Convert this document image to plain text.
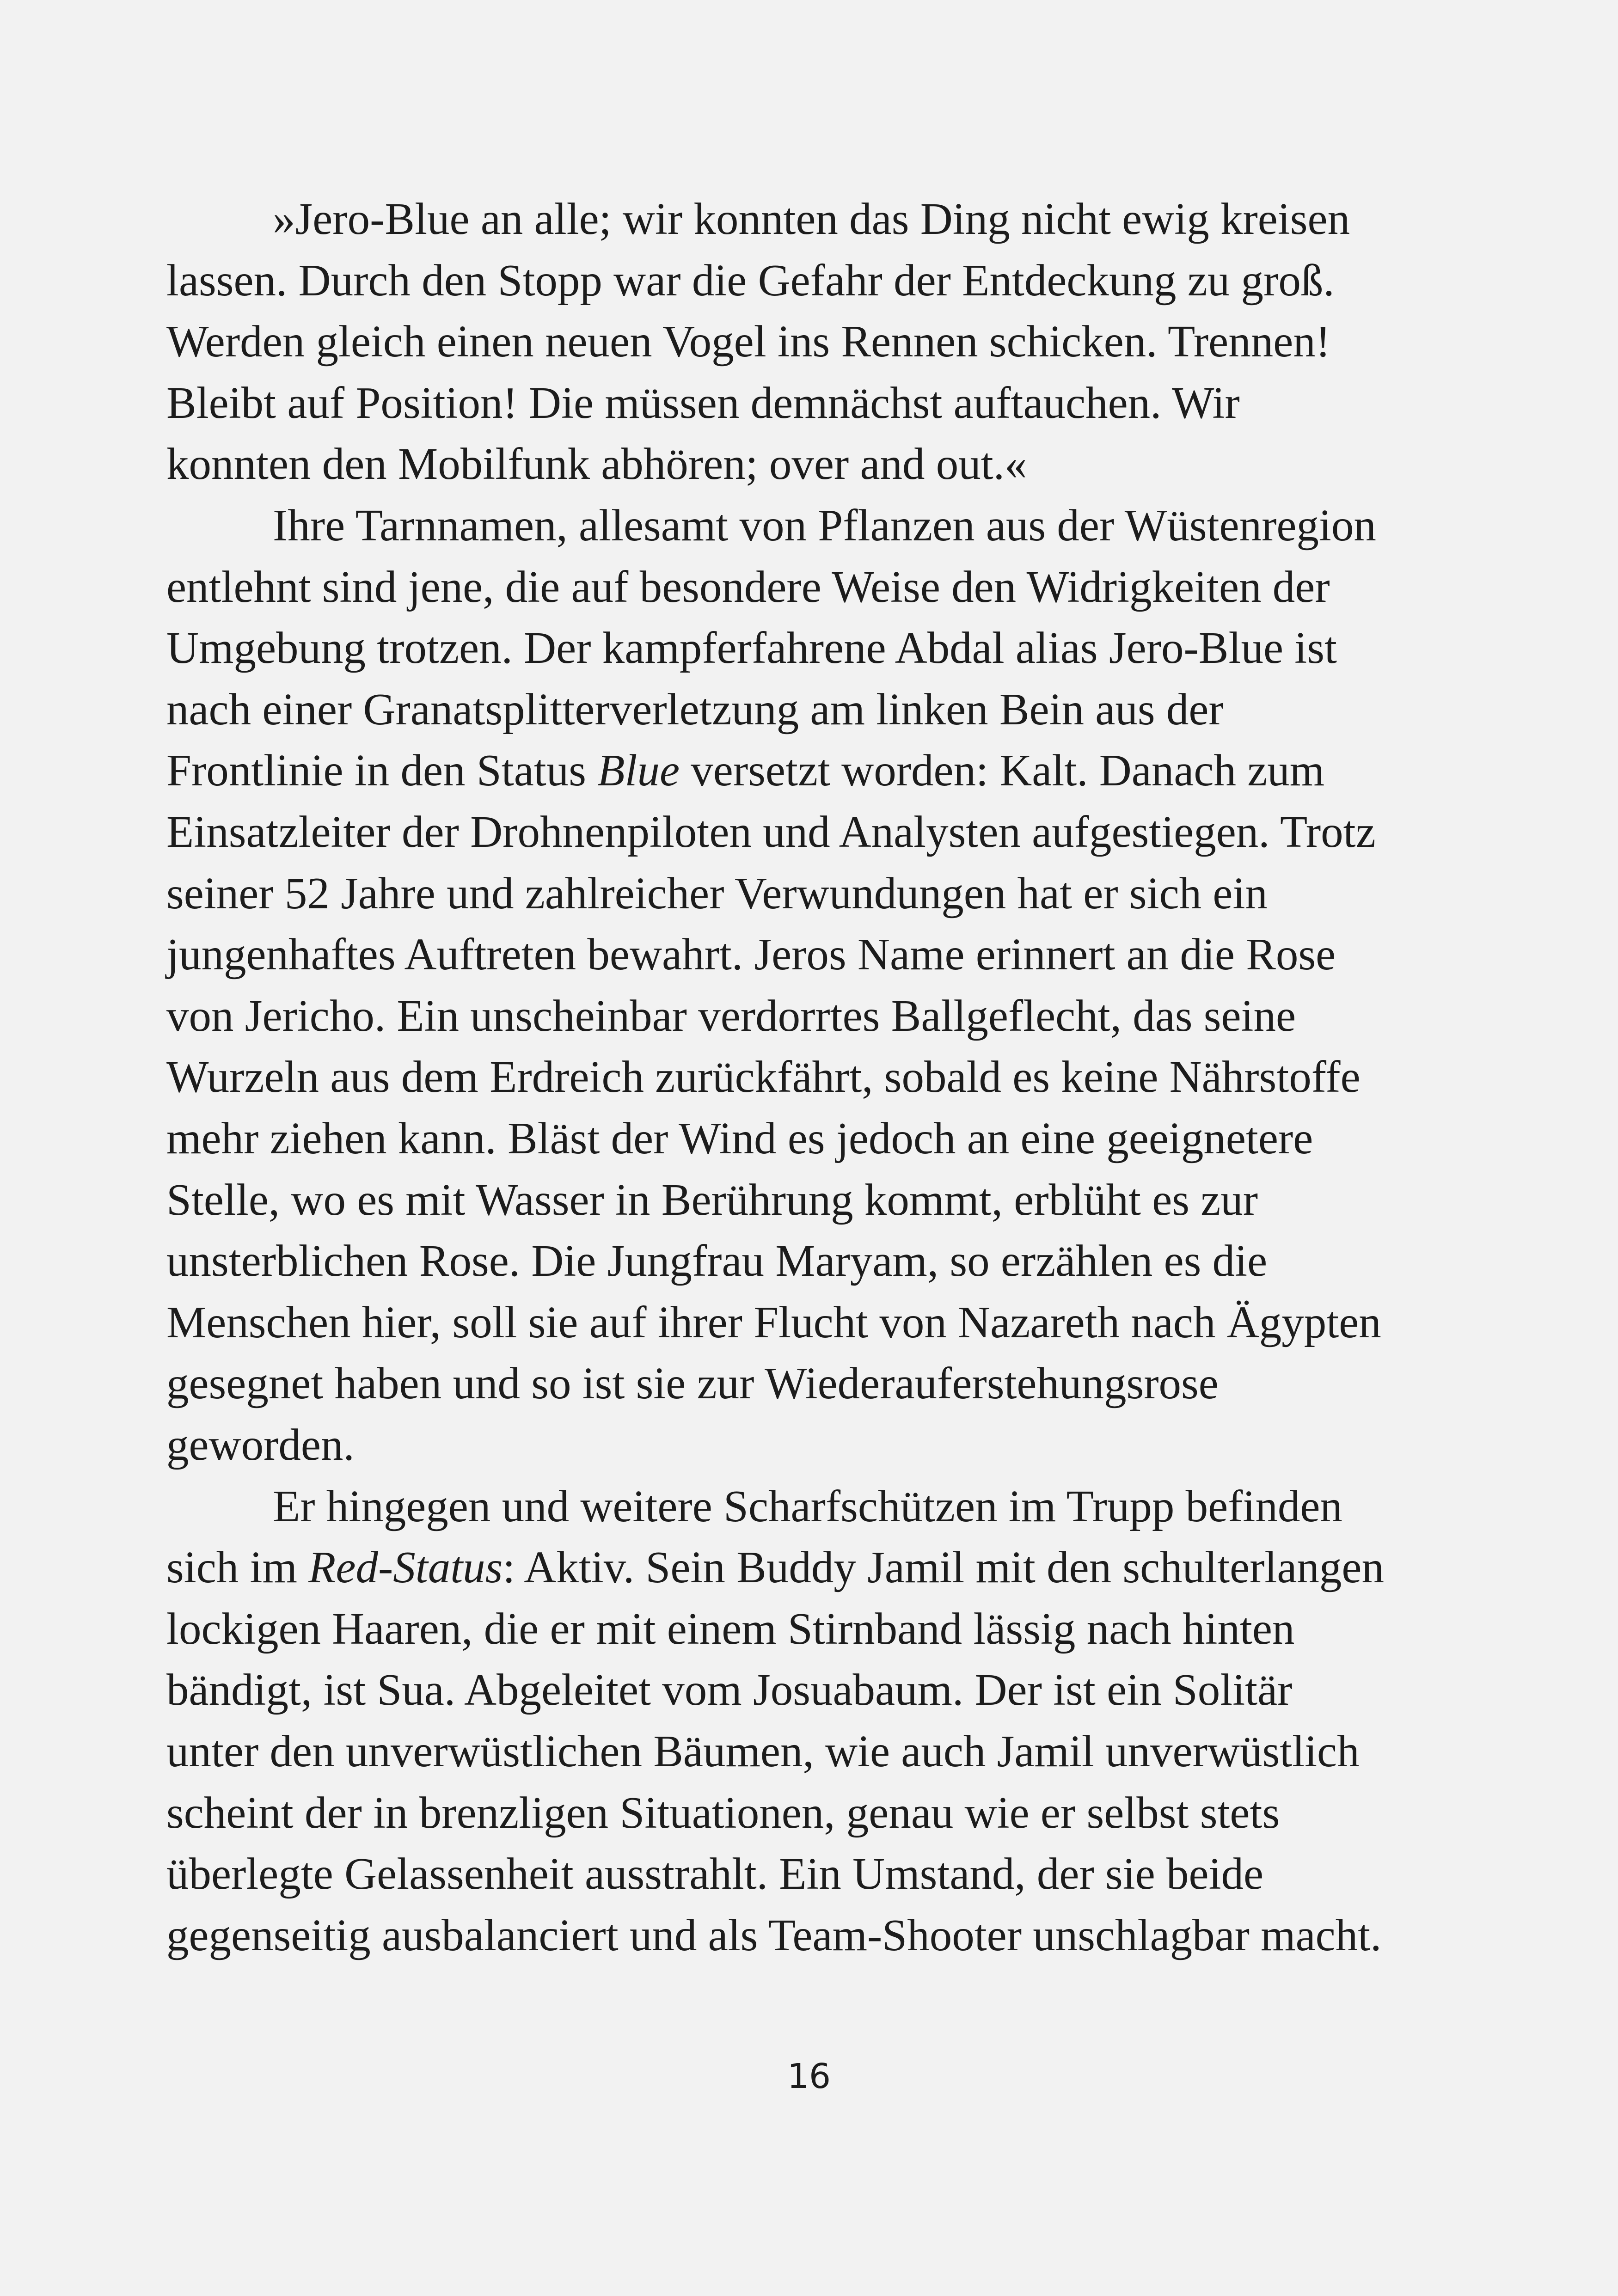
»Jero-Blue an alle; wir konnten das Ding nicht ewig kreisen

lassen. Durch den Stopp war die Gefahr der Entdeckung zu groß.

Werden gleich einen neuen Vogel ins Rennen schicken. Trennen!

Bleibt auf Position! Die müssen demnächst auftauchen. Wir

konnten den Mobilfunk abhören; over and out.«

Ihre Tarnnamen, allesamt von Pflanzen aus der Wüstenregion

entlehnt sind jene, die auf besondere Weise den Widrigkeiten der

Umgebung trotzen. Der kampferfahrene Abdal alias Jero-Blue ist

nach einer Granatsplitterverletzung am linken Bein aus der

Frontlinie in den Status Blue versetzt worden: Kalt. Danach zum

Einsatzleiter der Drohnenpiloten und Analysten aufgestiegen. Trotz

seiner 52 Jahre und zahlreicher Verwundungen hat er sich ein

jungenhaftes Auftreten bewahrt. Jeros Name erinnert an die Rose

von Jericho. Ein unscheinbar verdorrtes Ballgeflecht, das seine

Wurzeln aus dem Erdreich zurückfährt, sobald es keine Nährstoffe

mehr ziehen kann. Bläst der Wind es jedoch an eine geeignetere

Stelle, wo es mit Wasser in Berührung kommt, erblüht es zur

unsterblichen Rose. Die Jungfrau Maryam, so erzählen es die

Menschen hier, soll sie auf ihrer Flucht von Nazareth nach Ägypten

gesegnet haben und so ist sie zur Wiederauferstehungsrose

geworden.

Er hingegen und weitere Scharfschützen im Trupp befinden

sich im Red-Status: Aktiv. Sein Buddy Jamil mit den schulterlangen

lockigen Haaren, die er mit einem Stirnband lässig nach hinten

bändigt, ist Sua. Abgeleitet vom Josuabaum. Der ist ein Solitär

unter den unverwüstlichen Bäumen, wie auch Jamil unverwüstlich

scheint der in brenzligen Situationen, genau wie er selbst stets

überlegte Gelassenheit ausstrahlt. Ein Umstand, der sie beide

gegenseitig ausbalanciert und als Team-Shooter unschlagbar macht.

16
